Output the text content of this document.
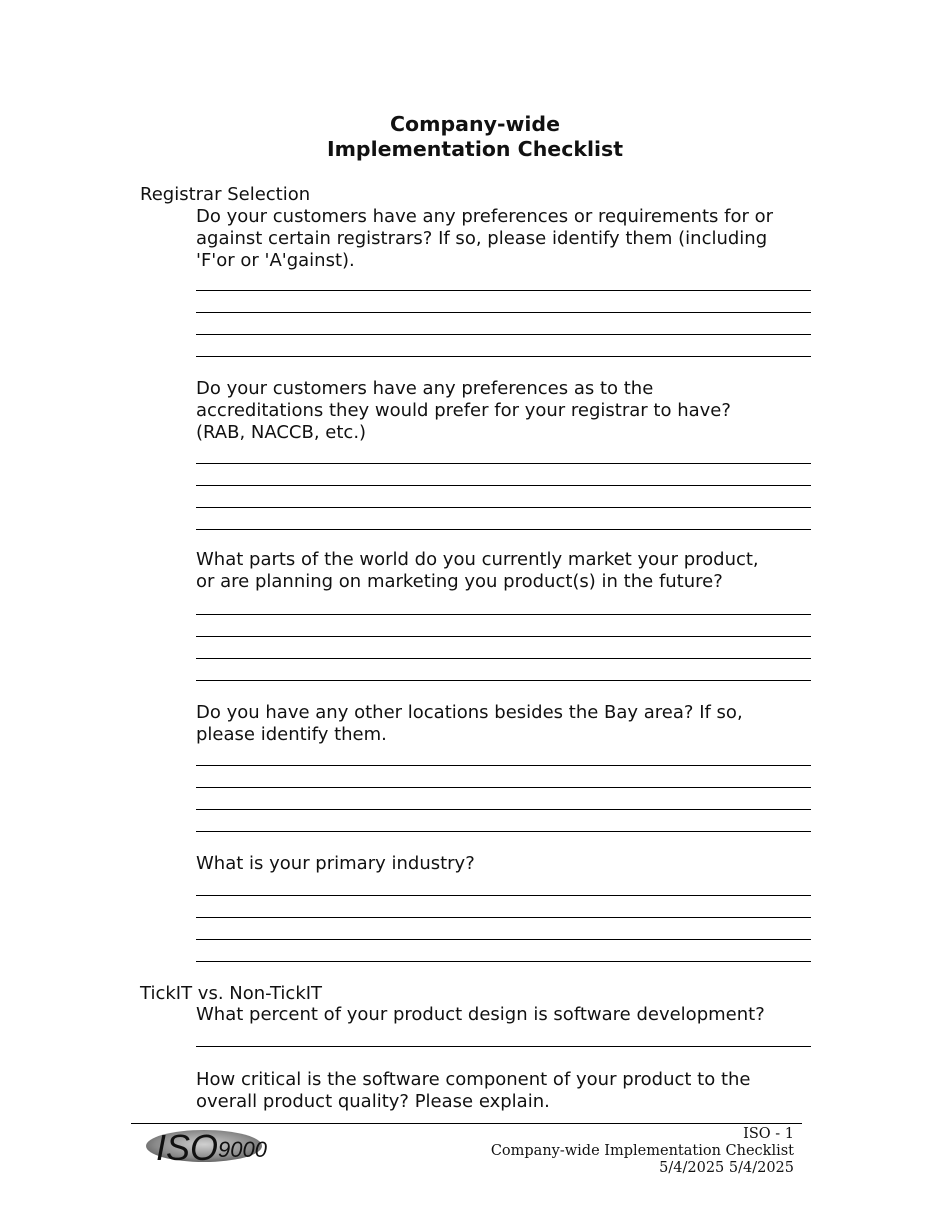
Company-wide
Implementation Checklist
Registrar Selection
Do your customers have any preferences or requirements for or
against certain registrars? If so, please identify them (including
'F'or or 'A'gainst).
Do your customers have any preferences as to the
accreditations they would prefer for your registrar to have?
(RAB, NACCB, etc.)
What parts of the world do you currently market your product,
or are planning on marketing you product(s) in the future?
Do you have any other locations besides the Bay area? If so,
please identify them.
What is your primary industry?
TickIT vs. Non-TickIT
What percent of your product design is software development?
How critical is the software component of your product to the
overall product quality? Please explain.
ISO 9000
ISO - 1
Company-wide Implementation Checklist
5/4/2025 5/4/2025
